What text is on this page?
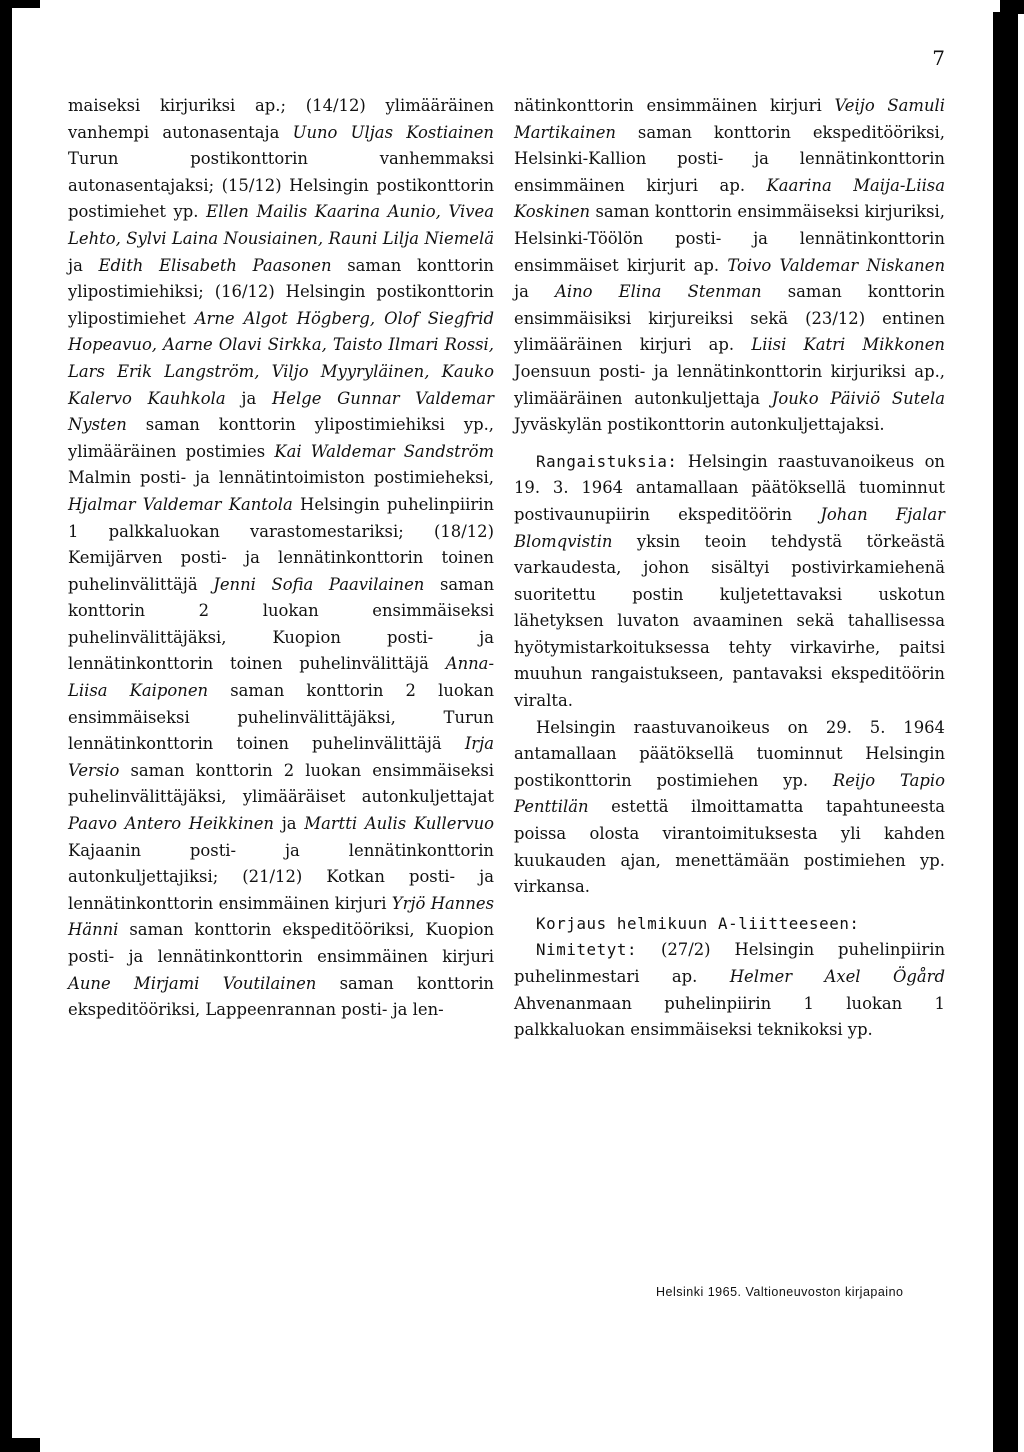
7

maiseksi kirjuriksi ap.; (14/12) ylimääräinen vanhempi autonasentaja Uuno Uljas Kostiainen Turun postikonttorin vanhemmaksi autonasentajaksi; (15/12) Helsingin postikonttorin postimiehet yp. Ellen Mailis Kaarina Aunio, Vivea Lehto, Sylvi Laina Nousiainen, Rauni Lilja Niemelä ja Edith Elisabeth Paasonen saman konttorin ylipostimiehiksi; (16/12) Helsingin postikonttorin ylipostimiehet Arne Algot Högberg, Olof Siegfrid Hopeavuo, Aarne Olavi Sirkka, Taisto Ilmari Rossi, Lars Erik Langström, Viljo Myyryläinen, Kauko Kalervo Kauhkola ja Helge Gunnar Valdemar Nysten saman konttorin ylipostimiehiksi yp., ylimääräinen postimies Kai Waldemar Sandström Malmin posti- ja lennätintoimiston postimieheksi, Hjalmar Valdemar Kantola Helsingin puhelinpiirin 1 palkkaluokan varastomestariksi; (18/12) Kemijärven posti- ja lennätinkonttorin toinen puhelinvälittäjä Jenni Sofia Paavilainen saman konttorin 2 luokan ensimmäiseksi puhelinvälittäjäksi, Kuopion posti- ja lennätinkonttorin toinen puhelinvälittäjä Anna-Liisa Kaiponen saman konttorin 2 luokan ensimmäiseksi puhelinvälittäjäksi, Turun lennätinkonttorin toinen puhelinvälittäjä Irja Versio saman konttorin 2 luokan ensimmäiseksi puhelinvälittäjäksi, ylimääräiset autonkuljettajat Paavo Antero Heikkinen ja Martti Aulis Kullervuo Kajaanin posti- ja lennätinkonttorin autonkuljettajiksi; (21/12) Kotkan posti- ja lennätinkonttorin ensimmäinen kirjuri Yrjö Hannes Hänni saman konttorin ekspeditööriksi, Kuopion posti- ja lennätinkonttorin ensimmäinen kirjuri Aune Mirjami Voutilainen saman konttorin ekspeditööriksi, Lappeenrannan posti- ja len-

nätinkonttorin ensimmäinen kirjuri Veijo Samuli Martikainen saman konttorin ekspeditööriksi, Helsinki-Kallion posti- ja lennätinkonttorin ensimmäinen kirjuri ap. Kaarina Maija-Liisa Koskinen saman konttorin ensimmäiseksi kirjuriksi, Helsinki-Töölön posti- ja lennätinkonttorin ensimmäiset kirjurit ap. Toivo Valdemar Niskanen ja Aino Elina Stenman saman konttorin ensimmäisiksi kirjureiksi sekä (23/12) entinen ylimääräinen kirjuri ap. Liisi Katri Mikkonen Joensuun posti- ja lennätinkonttorin kirjuriksi ap., ylimääräinen autonkuljettaja Jouko Päiviö Sutela Jyväskylän postikonttorin autonkuljettajaksi.

Rangaistuksia: Helsingin raastuvanoikeus on 19. 3. 1964 antamallaan päätöksellä tuominnut postivaunupiirin ekspeditöörin Johan Fjalar Blomqvistin yksin teoin tehdystä törkeästä varkaudesta, johon sisältyi postivirkamiehenä suoritettu postin kuljetettavaksi uskotun lähetyksen luvaton avaaminen sekä tahallisessa hyötymistarkoituksessa tehty virkavirhe, paitsi muuhun rangaistukseen, pantavaksi ekspeditöörin viralta.

Helsingin raastuvanoikeus on 29. 5. 1964 antamallaan päätöksellä tuominnut Helsingin postikonttorin postimiehen yp. Reijo Tapio Penttilän estettä ilmoittamatta tapahtuneesta poissa olosta virantoimituksesta yli kahden kuukauden ajan, menettämään postimiehen yp. virkansa.

Korjaus helmikuun A-liitteeseen:

Nimitetyt: (27/2) Helsingin puhelinpiirin puhelinmestari ap. Helmer Axel Ögård Ahvenanmaan puhelinpiirin 1 luokan 1 palkkaluokan ensimmäiseksi teknikoksi yp.

Helsinki 1965. Valtioneuvoston kirjapaino
